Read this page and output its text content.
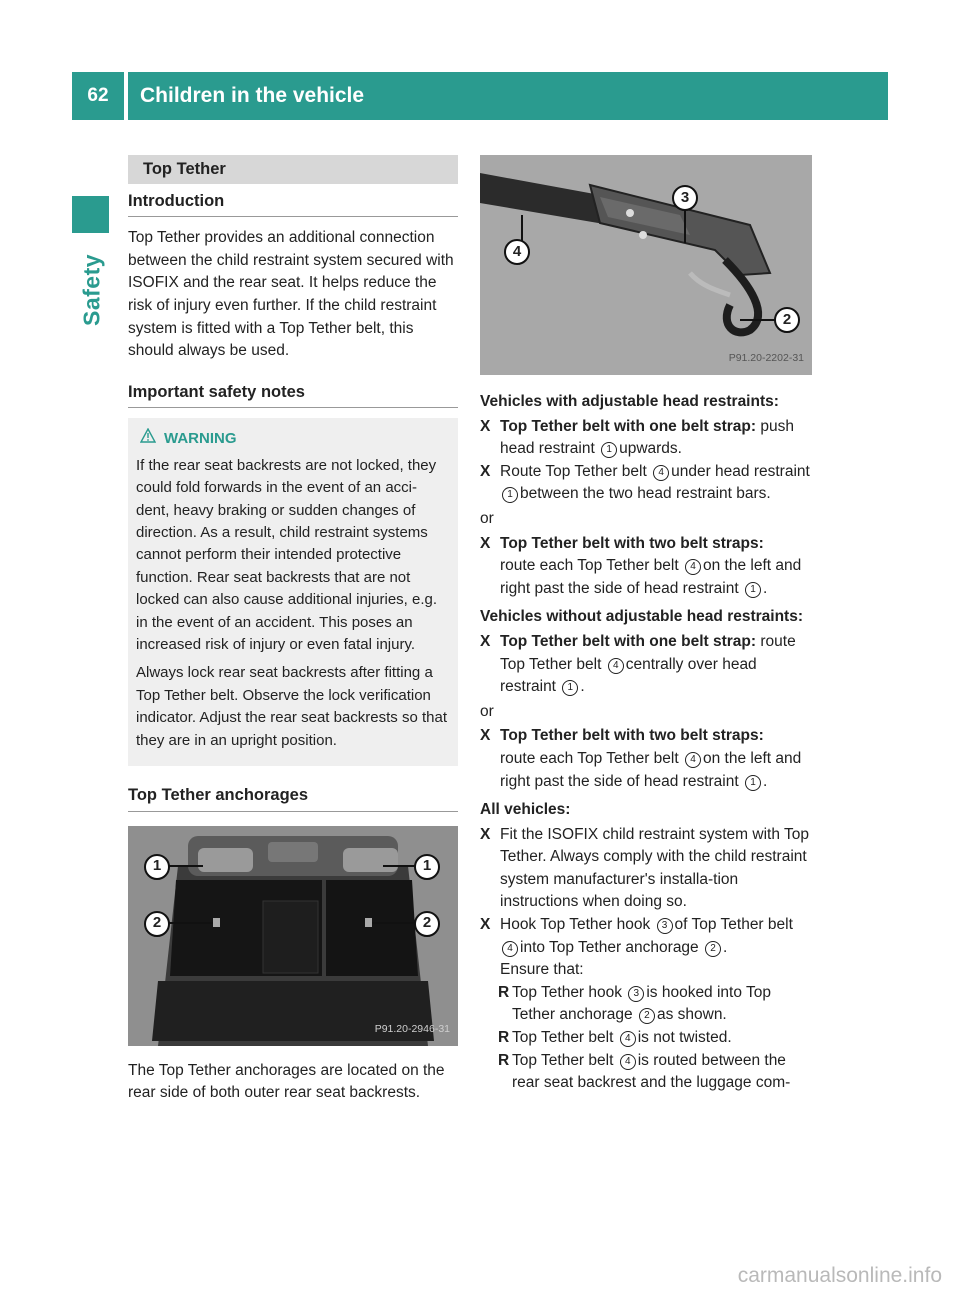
62	Children in the vehicle
Safety
Top Tether
Introduction

Top Tether provides an additional connection between the child restraint system secured with ISOFIX and the rear seat. It helps reduce the risk of injury even further. If the child restraint system is fitted with a Top Tether belt, this should always be used.

Important safety notes
WARNING

If the rear seat backrests are not locked, they could fold forwards in the event of an acci-dent, heavy braking or sudden changes of direction. As a result, child restraint systems cannot perform their intended protective function. Rear seat backrests that are not locked can also cause additional injuries, e.g. in the event of an accident. This poses an increased risk of injury or even fatal injury.

Always lock rear seat backrests after fitting a Top Tether belt. Observe the lock verification indicator. Adjust the rear seat backrests so that they are in an upright position.

Top Tether anchorages
1	1
2	2
P91.20-2946-31

The Top Tether anchorages are located on the rear side of both outer rear seat backrests.

3
4
2
P91.20-2202-31
Vehicles with adjustable head restraints:
X Top Tether belt with one belt strap: push head restraint 1 upwards.
X Route Top Tether belt 4 under head restraint 1 between the two head restraint bars.
or
X Top Tether belt with two belt straps:
route each Top Tether belt 4 on the left and right past the side of head restraint 1 .
Vehicles without adjustable head restraints:
X Top Tether belt with one belt strap: route Top Tether belt 4 centrally over head restraint 1 .
or
X Top Tether belt with two belt straps:
route each Top Tether belt 4 on the left and right past the side of head restraint 1 .
All vehicles:
X Fit the ISOFIX child restraint system with Top Tether. Always comply with the child restraint system manufacturer's installa-tion instructions when doing so.
X Hook Top Tether hook 3 of Top Tether belt 4 into Top Tether anchorage 2 .
Ensure that:
R Top Tether hook 3 is hooked into Top Tether anchorage 2 as shown.
R Top Tether belt 4 is not twisted.
R Top Tether belt 4 is routed between the rear seat backrest and the luggage com-
carmanualsonline.info
